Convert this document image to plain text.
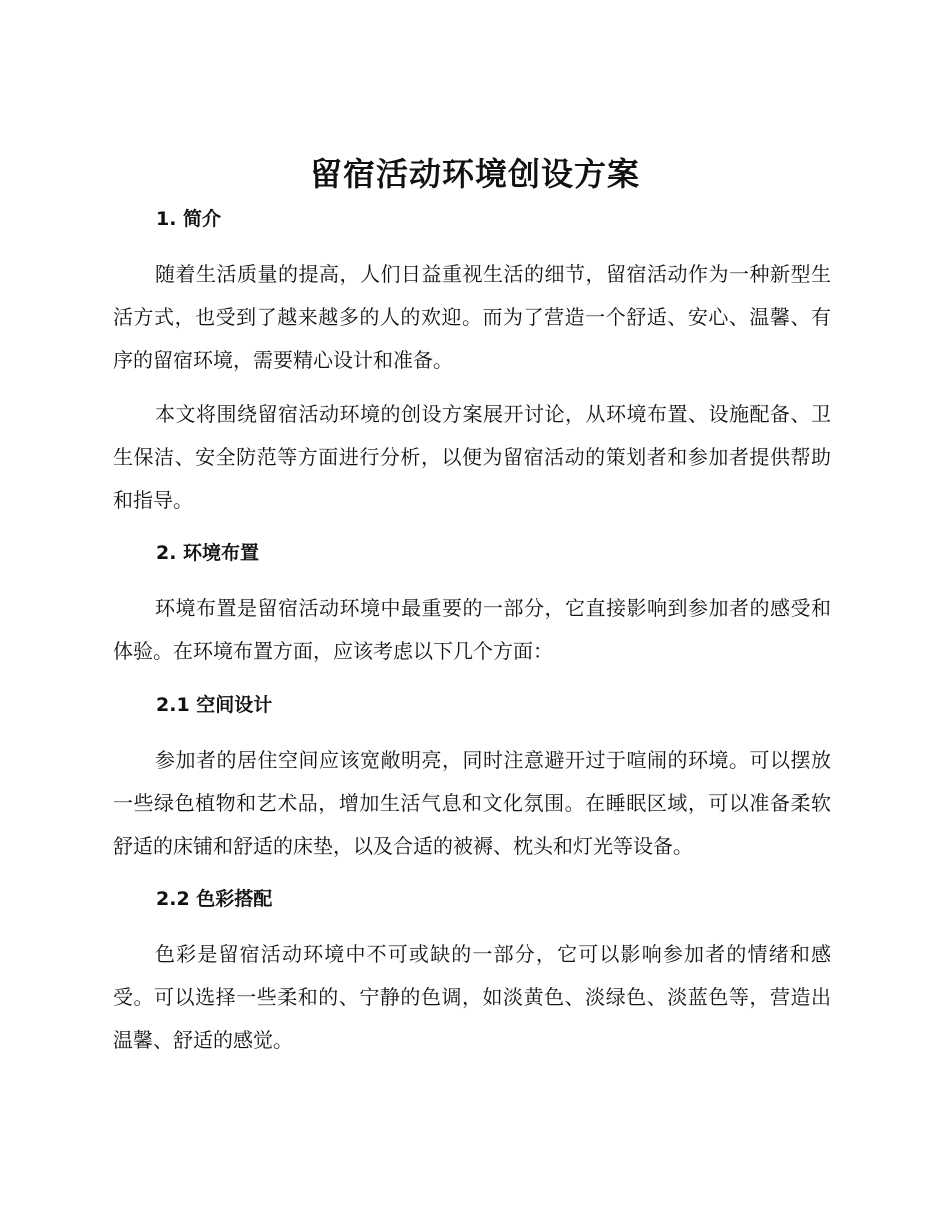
留宿活动环境创设方案
1. 简介
随着生活质量的提高，人们日益重视生活的细节，留宿活动作为一种新型生活方式，也受到了越来越多的人的欢迎。而为了营造一个舒适、安心、温馨、有序的留宿环境，需要精心设计和准备。
本文将围绕留宿活动环境的创设方案展开讨论，从环境布置、设施配备、卫生保洁、安全防范等方面进行分析，以便为留宿活动的策划者和参加者提供帮助和指导。
2. 环境布置
环境布置是留宿活动环境中最重要的一部分，它直接影响到参加者的感受和体验。在环境布置方面，应该考虑以下几个方面：
2.1 空间设计
参加者的居住空间应该宽敞明亮，同时注意避开过于喧闹的环境。可以摆放一些绿色植物和艺术品，增加生活气息和文化氛围。在睡眠区域，可以准备柔软舒适的床铺和舒适的床垫，以及合适的被褥、枕头和灯光等设备。
2.2 色彩搭配
色彩是留宿活动环境中不可或缺的一部分，它可以影响参加者的情绪和感受。可以选择一些柔和的、宁静的色调，如淡黄色、淡绿色、淡蓝色等，营造出温馨、舒适的感觉。
